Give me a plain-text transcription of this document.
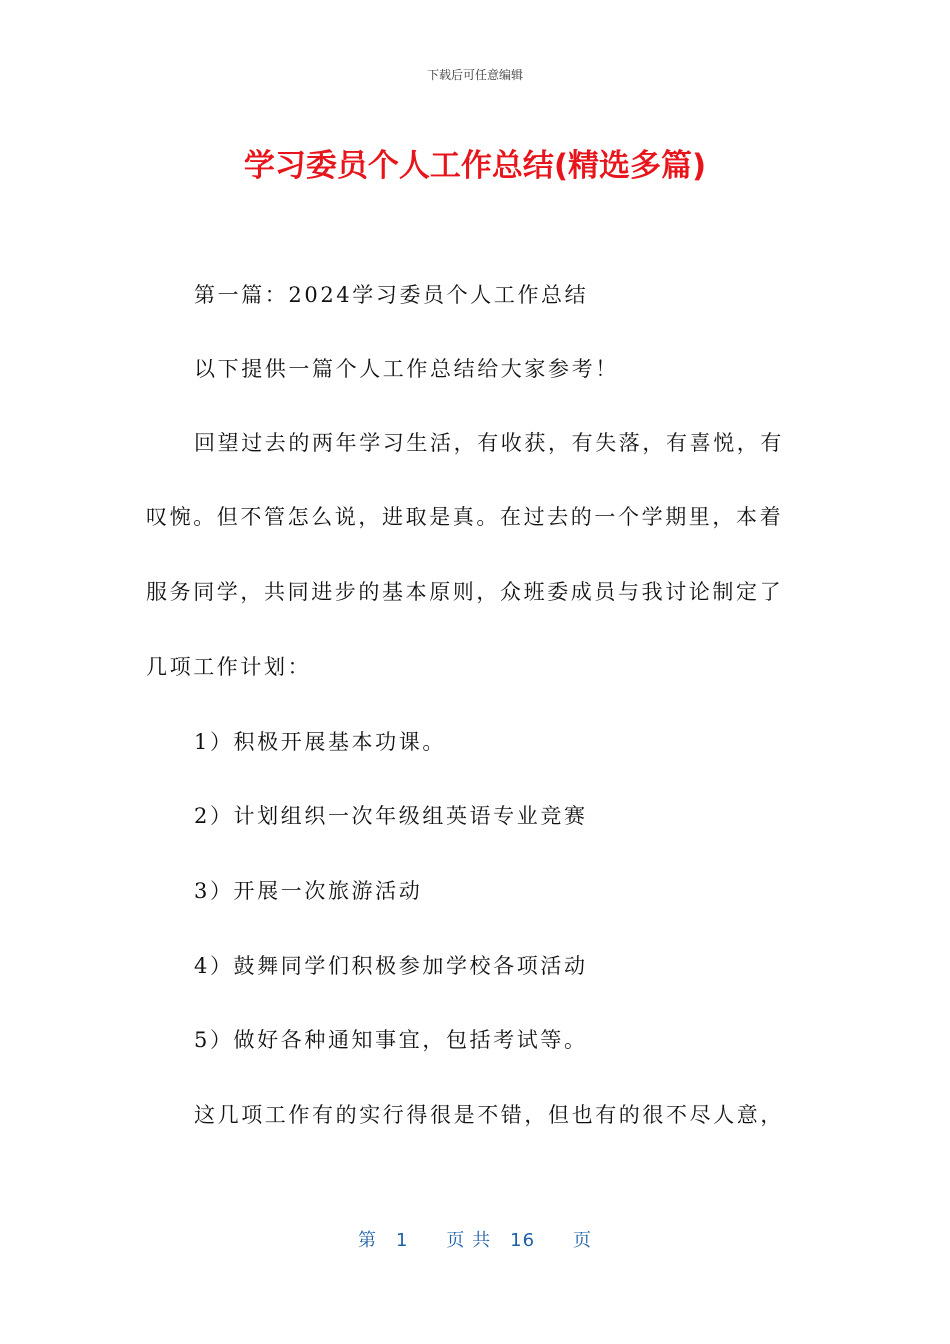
下载后可任意编辑
学习委员个人工作总结(精选多篇)
第一篇：2024学习委员个人工作总结
以下提供一篇个人工作总结给大家参考！
回望过去的两年学习生活，有收获，有失落，有喜悦，有
叹惋。但不管怎么说，进取是真。在过去的一个学期里，本着
服务同学，共同进步的基本原则，众班委成员与我讨论制定了
几项工作计划：
1）积极开展基本功课。
2）计划组织一次年级组英语专业竞赛
3）开展一次旅游活动
4）鼓舞同学们积极参加学校各项活动
5）做好各种通知事宜，包括考试等。
这几项工作有的实行得很是不错，但也有的很不尽人意，
第　1　　页 共　16　　页
